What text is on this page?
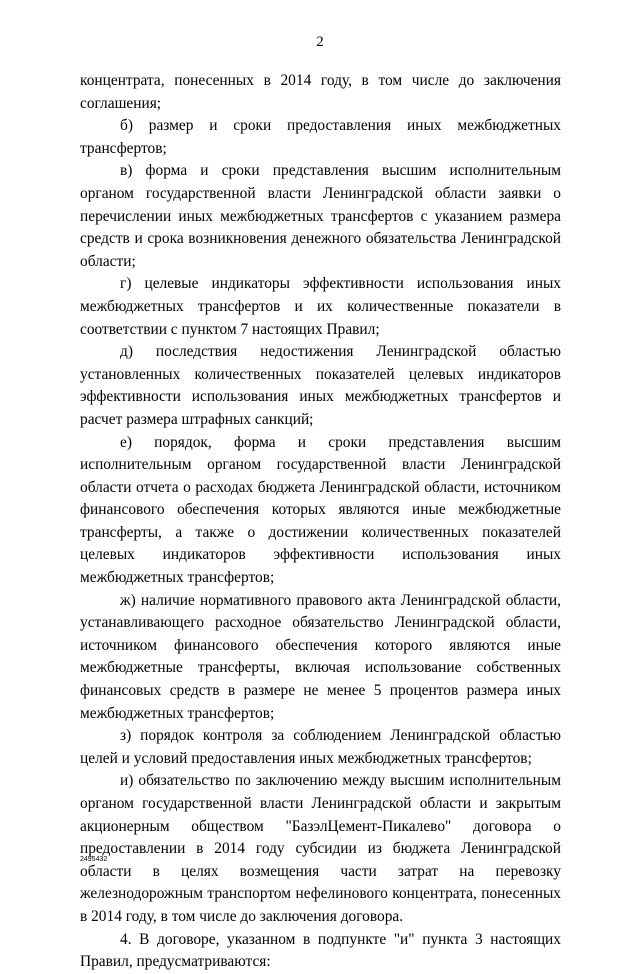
2

концентрата, понесенных в 2014 году, в том числе до заключения соглашения;

б) размер и сроки предоставления иных межбюджетных трансфертов;

в) форма и сроки представления высшим исполнительным органом государственной власти Ленинградской области заявки о перечислении иных межбюджетных трансфертов с указанием размера средств и срока возникновения денежного обязательства Ленинградской области;

г) целевые индикаторы эффективности использования иных межбюджетных трансфертов и их количественные показатели в соответствии с пунктом 7 настоящих Правил;

д) последствия недостижения Ленинградской областью установленных количественных показателей целевых индикаторов эффективности использования иных межбюджетных трансфертов и расчет размера штрафных санкций;

е) порядок, форма и сроки представления высшим исполнительным органом государственной власти Ленинградской области отчета о расходах бюджета Ленинградской области, источником финансового обеспечения которых являются иные межбюджетные трансферты, а также о достижении количественных показателей целевых индикаторов эффективности использования иных межбюджетных трансфертов;

ж) наличие нормативного правового акта Ленинградской области, устанавливающего расходное обязательство Ленинградской области, источником финансового обеспечения которого являются иные межбюджетные трансферты, включая использование собственных финансовых средств в размере не менее 5 процентов размера иных межбюджетных трансфертов;

з) порядок контроля за соблюдением Ленинградской областью целей и условий предоставления иных межбюджетных трансфертов;

и) обязательство по заключению между высшим исполнительным органом государственной власти Ленинградской области и закрытым акционерным обществом "БазэлЦемент-Пикалево" договора о предоставлении в 2014 году субсидии из бюджета Ленинградской области в целях возмещения части затрат на перевозку железнодорожным транспортом нефелинового концентрата, понесенных в 2014 году, в том числе до заключения договора.

4. В договоре, указанном в подпункте "и" пункта 3 настоящих Правил, предусматриваются:

2495432
